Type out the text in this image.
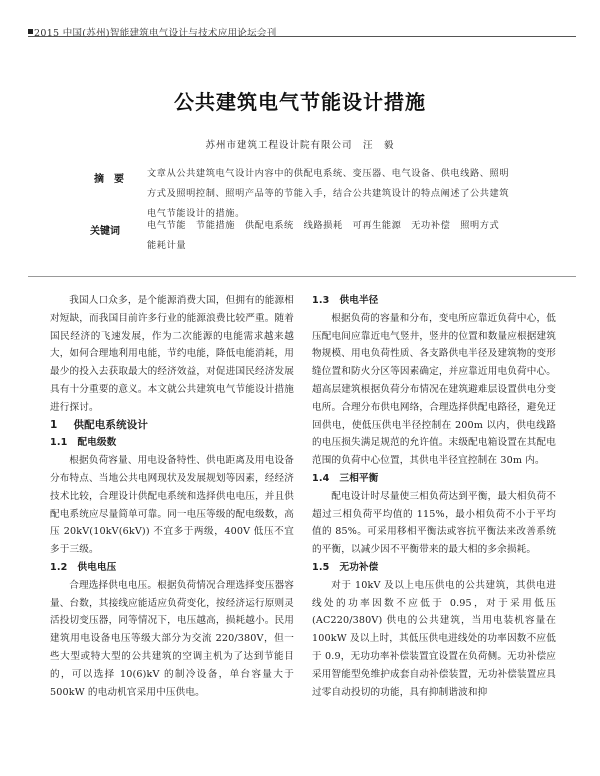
2015 中国(苏州)智能建筑电气设计与技术应用论坛会刊
公共建筑电气节能设计措施
苏州市建筑工程设计院有限公司　汪　毅
摘　要

文章从公共建筑电气设计内容中的供配电系统、变压器、电气设备、供电线路、照明方式及照明控制、照明产品等的节能入手，结合公共建筑设计的特点阐述了公共建筑电气节能设计的措施。

关键词

电气节能　节能措施　供配电系统　线路损耗　可再生能源　无功补偿　照明方式　能耗计量

我国人口众多，是个能源消费大国，但拥有的能源相对短缺，而我国目前许多行业的能源浪费比较严重。随着国民经济的飞速发展，作为二次能源的电能需求越来越大，如何合理地利用电能，节约电能，降低电能消耗，用最少的投入去获取最大的经济效益，对促进国民经济发展具有十分重要的意义。本文就公共建筑电气节能设计措施进行探讨。

1 供配电系统设计

1.1 配电级数

根据负荷容量、用电设备特性、供电距离及用电设备分布特点、当地公共电网现状及发展规划等因素，经经济技术比较，合理设计供配电系统和选择供电电压，并且供配电系统应尽量简单可靠。同一电压等级的配电级数，高压 20kV(10kV(6kV)) 不宜多于两级，400V 低压不宜多于三级。

1.2 供电电压

合理选择供电电压。根据负荷情况合理选择变压器容量、台数，其接线应能适应负荷变化，按经济运行原则灵活投切变压器，同等情况下，电压越高，损耗越小。民用建筑用电设备电压等级大部分为交流 220/380V，但一些大型或特大型的公共建筑的空调主机为了达到节能目的，可以选择 10(6)kV 的制冷设备，单台容量大于 500kW 的电动机官采用中压供电。

1.3 供电半径

根据负荷的容量和分布，变电所应靠近负荷中心，低压配电间应靠近电气竖井，竖井的位置和数量应根据建筑物规模、用电负荷性质、各支路供电半径及建筑物的变形缝位置和防火分区等因素确定，并应靠近用电负荷中心。超高层建筑根据负荷分布情况在建筑避难层设置供电分变电所。合理分布供电网络，合理选择供配电路径，避免迂回供电，使低压供电半径控制在 200m 以内，供电线路的电压损失满足规范的允许值。末级配电箱设置在其配电范围的负荷中心位置，其供电半径宜控制在 30m 内。

1.4 三相平衡

配电设计时尽量使三相负荷达到平衡，最大相负荷不超过三相负荷平均值的 115%，最小相负荷不小于平均值的 85%。可采用移相平衡法或容抗平衡法来改善系统的平衡，以减少因不平衡带来的最大相的多余损耗。

1.5 无功补偿

对于 10kV 及以上电压供电的公共建筑，其供电进线处的功率因数不应低于 0.95，对于采用低压(AC220/380V) 供电的公共建筑，当用电装机容量在 100kW 及以上时，其低压供电进线处的功率因数不应低于 0.9，无功功率补偿装置宜设置在负荷侧。无功补偿应采用智能型免维护成套自动补偿装置，无功补偿装置应具过零自动投切的功能，具有抑制谐波和抑
